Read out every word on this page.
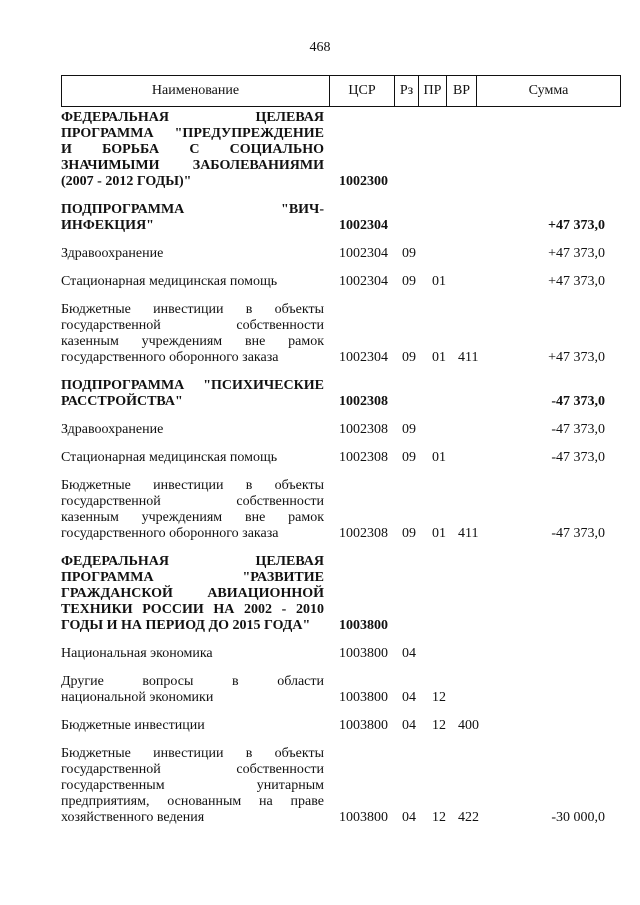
468
Наименование	ЦСР	Рз ПР ВР	Сумма
ФЕДЕРАЛЬНАЯ ЦЕЛЕВАЯ
ПРОГРАММА "ПРЕДУПРЕЖДЕНИЕ
И БОРЬБА С СОЦИАЛЬНО
ЗНАЧИМЫМИ ЗАБОЛЕВАНИЯМИ
(2007 - 2012 ГОДЫ)"	1002300
ПОДПРОГРАММА "ВИЧ-
ИНФЕКЦИЯ"	1002304	+47 373,0
Здравоохранение	1002304 09	+47 373,0
Стационарная медицинская помощь	1002304 09 01	+47 373,0
Бюджетные инвестиции в объекты
государственной собственности
казенным учреждениям вне рамок
государственного оборонного заказа	1002304 09 01 411	+47 373,0
ПОДПРОГРАММА "ПСИХИЧЕСКИЕ
РАССТРОЙСТВА"	1002308	-47 373,0
Здравоохранение	1002308 09	-47 373,0
Стационарная медицинская помощь	1002308 09 01	-47 373,0
Бюджетные инвестиции в объекты
государственной собственности
казенным учреждениям вне рамок
государственного оборонного заказа	1002308 09 01 411	-47 373,0
ФЕДЕРАЛЬНАЯ ЦЕЛЕВАЯ
ПРОГРАММА "РАЗВИТИЕ
ГРАЖДАНСКОЙ АВИАЦИОННОЙ
ТЕХНИКИ РОССИИ НА 2002 - 2010
ГОДЫ И НА ПЕРИОД ДО 2015 ГОДА"	1003800
Национальная экономика	1003800 04
Другие вопросы в области
национальной экономики	1003800 04 12
Бюджетные инвестиции	1003800 04 12 400
Бюджетные инвестиции в объекты
государственной собственности
государственным унитарным
предприятиям, основанным на праве
хозяйственного ведения	1003800 04 12 422	-30 000,0
